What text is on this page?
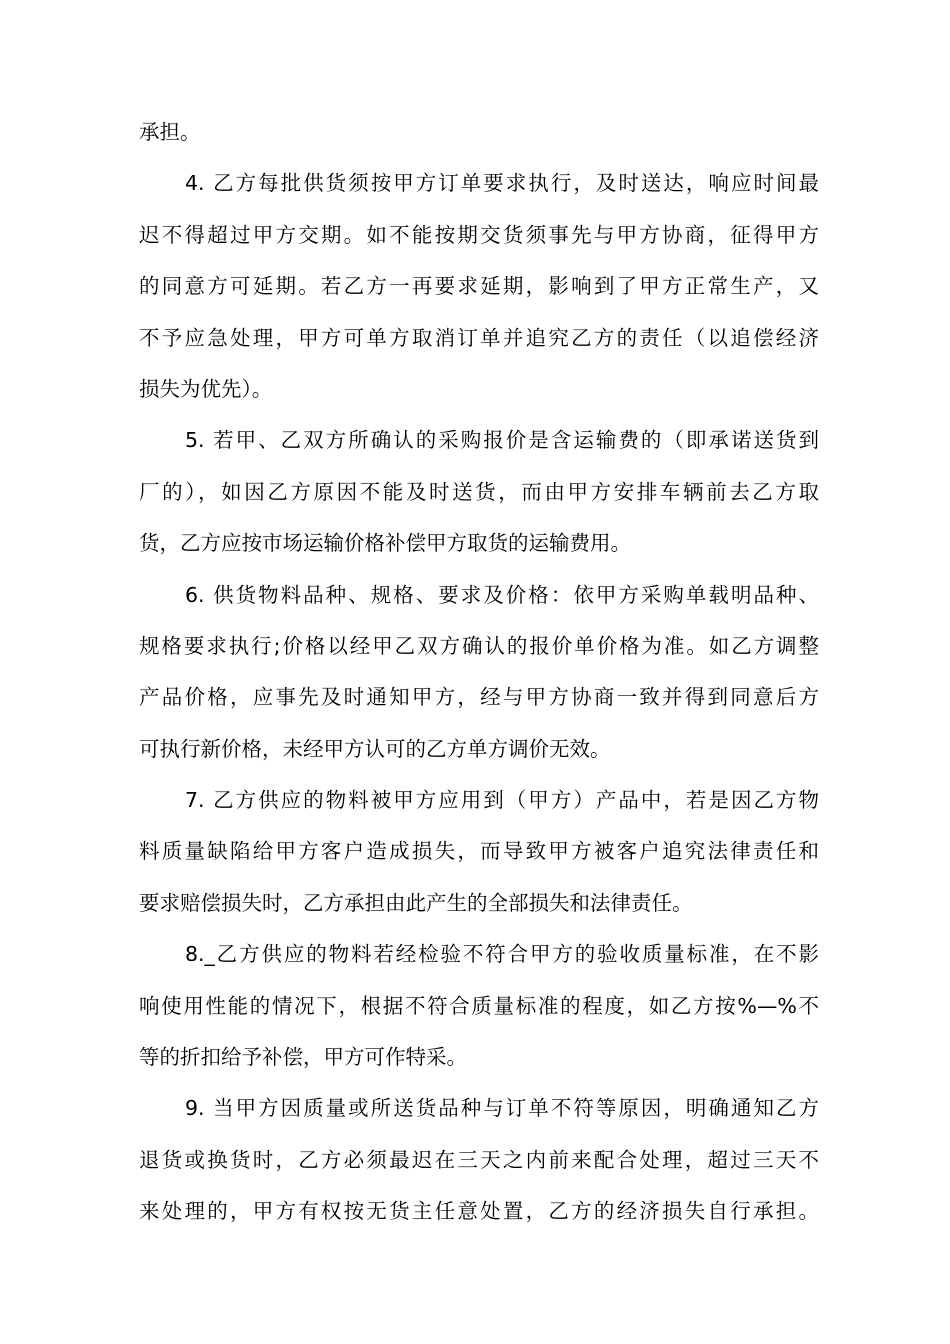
承担。
4. 乙方每批供货须按甲方订单要求执行，及时送达，响应时间最
迟不得超过甲方交期。如不能按期交货须事先与甲方协商，征得甲方
的同意方可延期。若乙方一再要求延期，影响到了甲方正常生产，又
不予应急处理，甲方可单方取消订单并追究乙方的责任（以追偿经济
损失为优先）。
5. 若甲、乙双方所确认的采购报价是含运输费的（即承诺送货到
厂的），如因乙方原因不能及时送货，而由甲方安排车辆前去乙方取
货，乙方应按市场运输价格补偿甲方取货的运输费用。
6. 供货物料品种、规格、要求及价格：依甲方采购单载明品种、
规格要求执行;价格以经甲乙双方确认的报价单价格为准。如乙方调整
产品价格，应事先及时通知甲方，经与甲方协商一致并得到同意后方
可执行新价格，未经甲方认可的乙方单方调价无效。
7. 乙方供应的物料被甲方应用到（甲方）产品中，若是因乙方物
料质量缺陷给甲方客户造成损失，而导致甲方被客户追究法律责任和
要求赔偿损失时，乙方承担由此产生的全部损失和法律责任。
8._乙方供应的物料若经检验不符合甲方的验收质量标准，在不影
响使用性能的情况下，根据不符合质量标准的程度，如乙方按%—%不
等的折扣给予补偿，甲方可作特采。
9. 当甲方因质量或所送货品种与订单不符等原因，明确通知乙方
退货或换货时，乙方必须最迟在三天之内前来配合处理，超过三天不
来处理的，甲方有权按无货主任意处置，乙方的经济损失自行承担。
